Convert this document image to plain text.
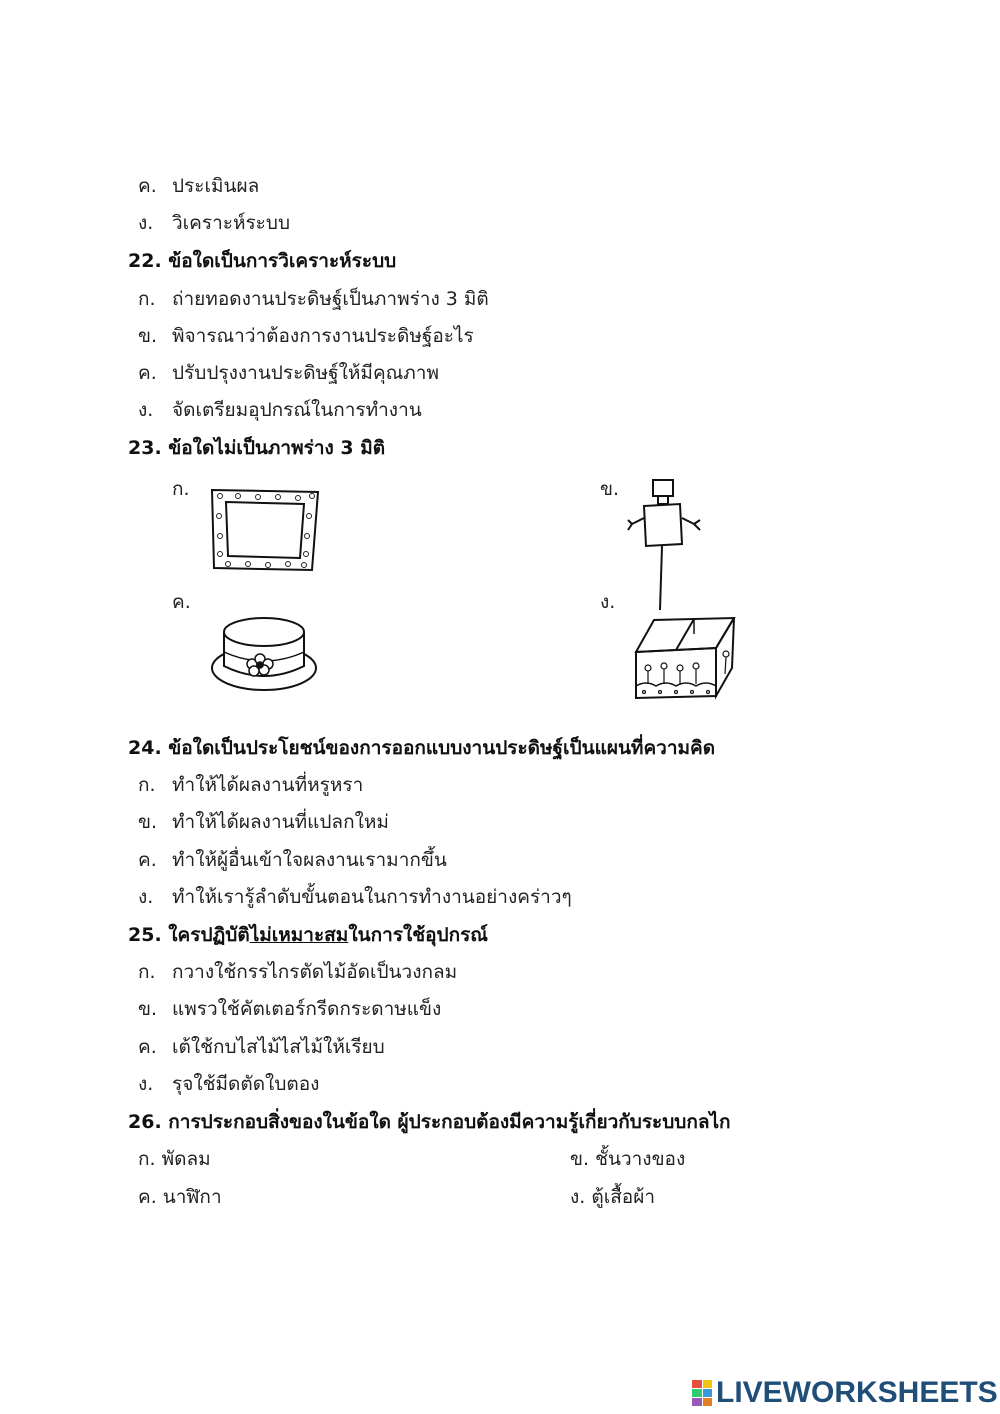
ค. ประเมินผล
ง. วิเคราะห์ระบบ
22. ข้อใดเป็นการวิเคราะห์ระบบ
ก. ถ่ายทอดงานประดิษฐ์เป็นภาพร่าง 3 มิติ
ข. พิจารณาว่าต้องการงานประดิษฐ์อะไร
ค. ปรับปรุงงานประดิษฐ์ให้มีคุณภาพ
ง. จัดเตรียมอุปกรณ์ในการทำงาน
23. ข้อใดไม่เป็นภาพร่าง 3 มิติ
ก.	ข.
ค.	ง.
24. ข้อใดเป็นประโยชน์ของการออกแบบงานประดิษฐ์เป็นแผนที่ความคิด
ก. ทำให้ได้ผลงานที่หรูหรา
ข. ทำให้ได้ผลงานที่แปลกใหม่
ค. ทำให้ผู้อื่นเข้าใจผลงานเรามากขึ้น
ง. ทำให้เรารู้ลำดับขั้นตอนในการทำงานอย่างคร่าวๆ
25. ใครปฏิบัติไม่เหมาะสมในการใช้อุปกรณ์
ก. กวางใช้กรรไกรตัดไม้อัดเป็นวงกลม
ข. แพรวใช้คัตเตอร์กรีดกระดาษแข็ง
ค. เต้ใช้กบไสไม้ไสไม้ให้เรียบ
ง. รุจใช้มีดตัดใบตอง
26. การประกอบสิ่งของในข้อใด ผู้ประกอบต้องมีความรู้เกี่ยวกับระบบกลไก
ก. พัดลม	ข. ชั้นวางของ
ค. นาฬิกา	ง. ตู้เสื้อผ้า
LIVEWORKSHEETS
